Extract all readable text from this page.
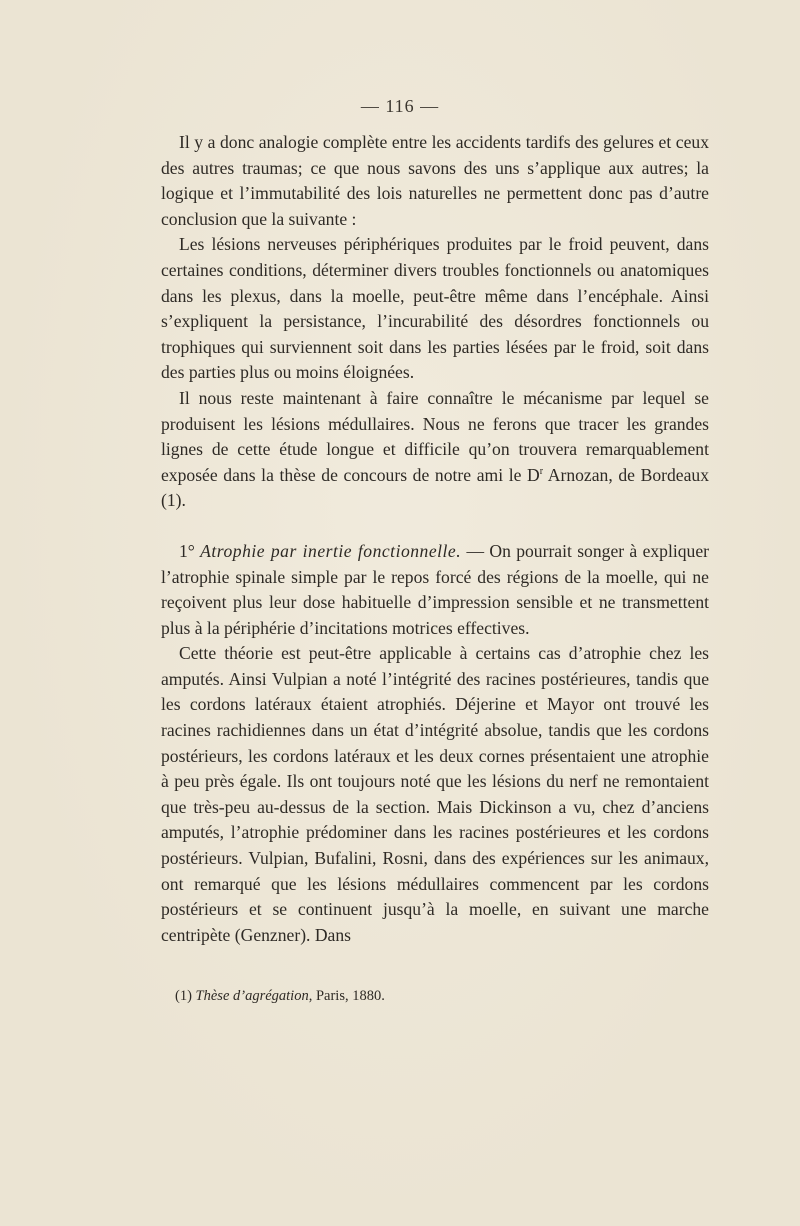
— 116 —

Il y a donc analogie complète entre les accidents tardifs des gelures et ceux des autres traumas; ce que nous savons des uns s’applique aux autres; la logique et l’immutabilité des lois naturelles ne permettent donc pas d’autre conclusion que la suivante :

Les lésions nerveuses périphériques produites par le froid peuvent, dans certaines conditions, déterminer divers troubles fonctionnels ou anatomiques dans les plexus, dans la moelle, peut-être même dans l’encéphale. Ainsi s’expliquent la persistance, l’incurabilité des désordres fonctionnels ou trophiques qui surviennent soit dans les parties lésées par le froid, soit dans des parties plus ou moins éloignées.

Il nous reste maintenant à faire connaître le mécanisme par lequel se produisent les lésions médullaires. Nous ne ferons que tracer les grandes lignes de cette étude longue et difficile qu’on trouvera remarquablement exposée dans la thèse de concours de notre ami le $D^r$ Arnozan, de Bordeaux (1).

1° Atrophie par inertie fonctionnelle. — On pourrait songer à expliquer l’atrophie spinale simple par le repos forcé des régions de la moelle, qui ne reçoivent plus leur dose habituelle d’impression sensible et ne transmettent plus à la périphérie d’incitations motrices effectives.

Cette théorie est peut-être applicable à certains cas d’atrophie chez les amputés. Ainsi Vulpian a noté l’intégrité des racines postérieures, tandis que les cordons latéraux étaient atrophiés. Déjerine et Mayor ont trouvé les racines rachidiennes dans un état d’intégrité absolue, tandis que les cordons postérieurs, les cordons latéraux et les deux cornes présentaient une atrophie à peu près égale. Ils ont toujours noté que les lésions du nerf ne remontaient que très-peu au-dessus de la section. Mais Dickinson a vu, chez d’anciens amputés, l’atrophie prédominer dans les racines postérieures et les cordons postérieurs. Vulpian, Bufalini, Rosni, dans des expériences sur les animaux, ont remarqué que les lésions médullaires commencent par les cordons postérieurs et se continuent jusqu’à la moelle, en suivant une marche centripète (Genzner). Dans

(1) Thèse d’agrégation, Paris, 1880.
